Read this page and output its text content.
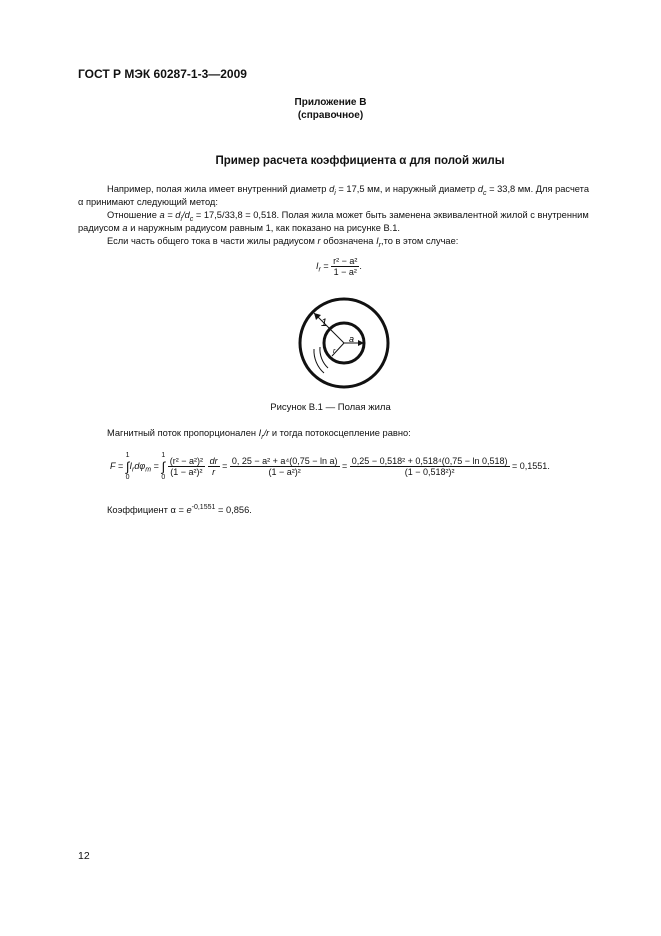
ГОСТ Р МЭК 60287-1-3—2009
Приложение В
(справочное)
Пример расчета коэффициента α для полой жилы
Например, полая жила имеет внутренний диаметр $d_i = 17,5$ мм, и наружный диаметр $d_c = 33,8$ мм. Для расчета
α принимают следующий метод:
Отношение $a = d_i/d_c = 17,5/33,8 = 0,518$. Полая жила может быть заменена эквивалентной жилой с внутренним
радиусом a и наружным радиусом равным 1, как показано на рисунке В.1.
Если часть общего тока в части жилы радиусом r обозначена $I_r,то$ в этом случае:
$I_r = \frac{\text{r² − a²}}{\text{1 − a²}}$ .
1
a
r
Рисунок В.1 — Полая жила
Магнитный поток пропорционален $I_r/r$ и тогда потокосцепление равно:
F =
1
∫
0
$I_rd\varphi_m$ =
1
∫
0

$\frac{\text{(r² − a²)²}}{\text{(1 − a²)²}}$
$\frac{dr}{r} = \frac{\text{0, 25 − a² + a⁴(0,75 − ln a)}}{\text{(1 − a²)²}} = \frac{\text{0,25 − 0,518² + 0,518⁴(0,75 − ln 0,518)}}{\text{(1 − 0,518²)²}} = 0,1551$.
Коэффициент $\alpha = e^{-0,1551} = 0,856$.
12
